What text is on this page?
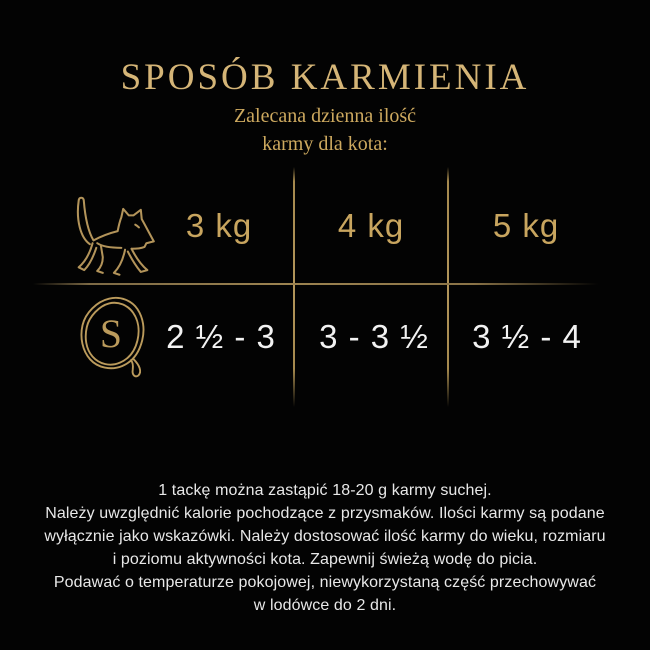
SPOSÓB KARMIENIA
Zalecana dzienna ilość
karmy dla kota:
3 kg	4 kg	5 kg
S 2 ½ - 3 3 - 3 ½ 3 ½ - 4
1 tackę można zastąpić 18-20 g karmy suchej.
Należy uwzględnić kalorie pochodzące z przysmaków. Ilości karmy są podane
wyłącznie jako wskazówki. Należy dostosować ilość karmy do wieku, rozmiaru
i poziomu aktywności kota. Zapewnij świeżą wodę do picia.
Podawać o temperaturze pokojowej, niewykorzystaną część przechowywać
w lodówce do 2 dni.
